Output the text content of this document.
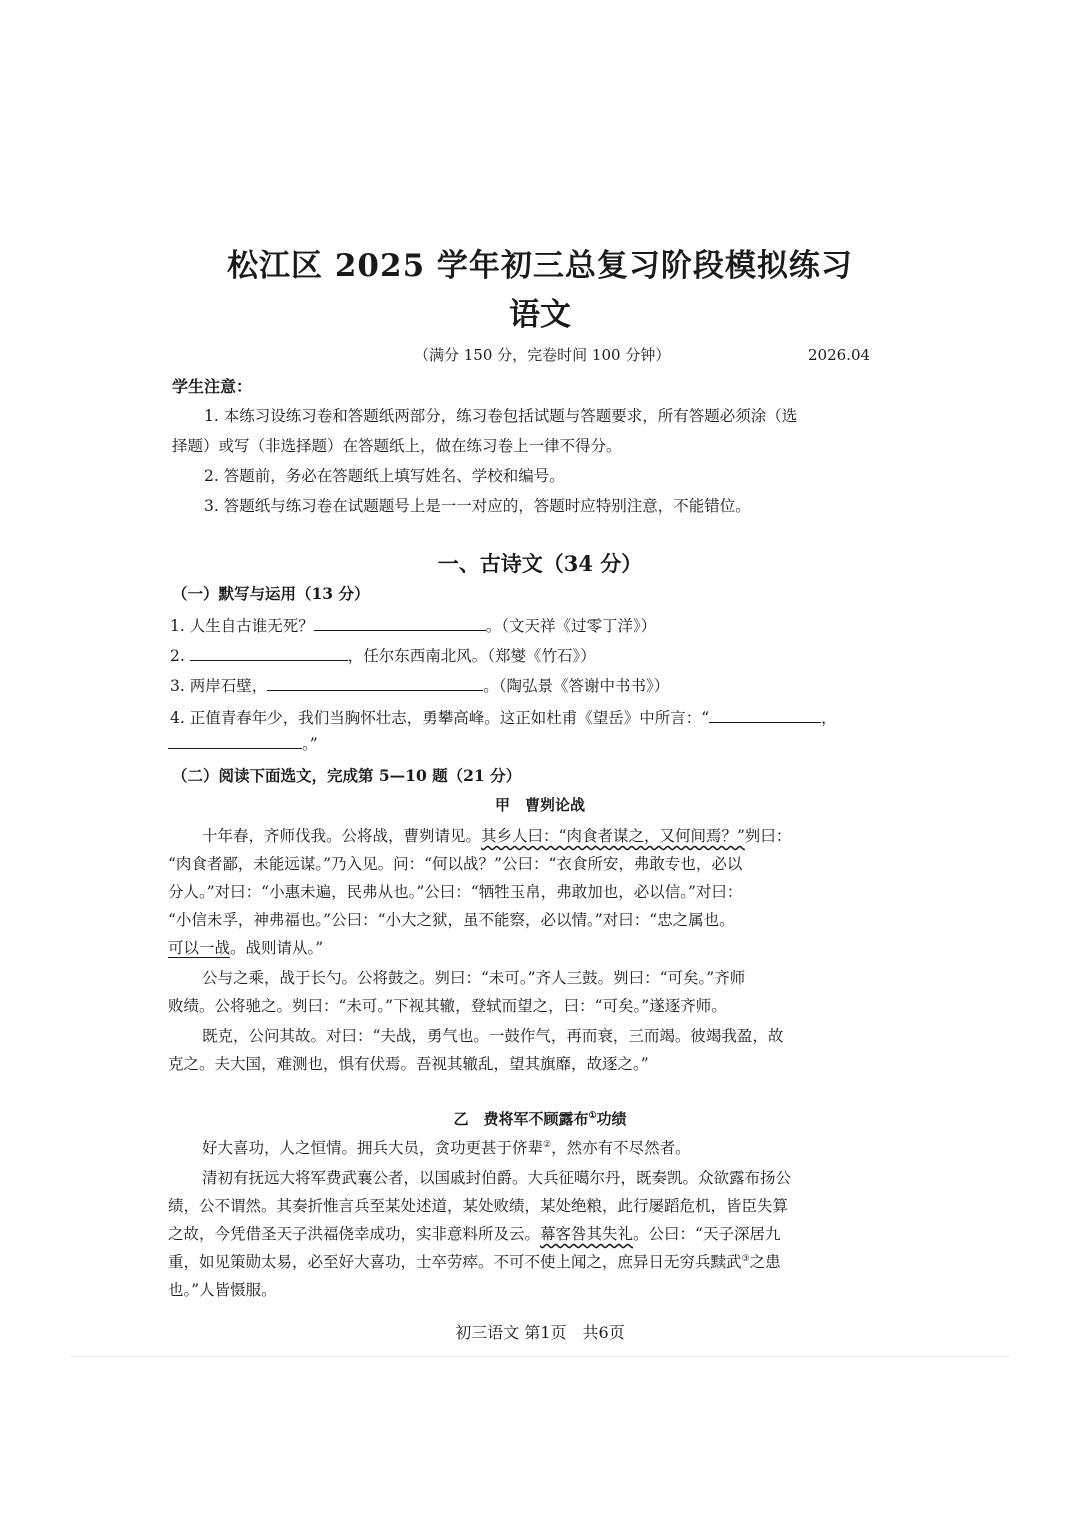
松江区 2025 学年初三总复习阶段模拟练习
语文
（满分 150 分，完卷时间 100 分钟）	2026.04
学生注意：
1. 本练习设练习卷和答题纸两部分，练习卷包括试题与答题要求，所有答题必须涂（选
择题）或写（非选择题）在答题纸上，做在练习卷上一律不得分。
2. 答题前，务必在答题纸上填写姓名、学校和编号。
3. 答题纸与练习卷在试题题号上是一一对应的，答题时应特别注意，不能错位。
一、古诗文（34 分）
（一）默写与运用（13 分）
1. 人生自古谁无死？	。（文天祥《过零丁洋》）
2.	，任尔东西南北风。（郑燮《竹石》）
3. 两岸石壁，	。（陶弘景《答谢中书书》）
4. 正值青春年少，我们当胸怀壮志，勇攀高峰。这正如杜甫《望岳》中所言：“	，
。”
（二）阅读下面选文，完成第 5—10 题（21 分）
甲　曹刿论战
十年春，齐师伐我。公将战，曹刿请见。其乡人曰：“肉食者谋之，又何间焉？”刿曰：
“肉食者鄙，未能远谋。”乃入见。问：“何以战？”公曰：“衣食所安，弗敢专也，必以
分人。”对曰：“小惠未遍，民弗从也。”公曰：“牺牲玉帛，弗敢加也，必以信。”对曰：
“小信未孚，神弗福也。”公曰：“小大之狱，虽不能察，必以情。”对曰：“忠之属也。
可以一战。战则请从。”
公与之乘，战于长勺。公将鼓之。刿曰：“未可。”齐人三鼓。刿曰：“可矣。”齐师
败绩。公将驰之。刿曰：“未可。”下视其辙，登轼而望之，曰：“可矣。”遂逐齐师。
既克，公问其故。对曰：“夫战，勇气也。一鼓作气，再而衰，三而竭。彼竭我盈，故
克之。夫大国，难测也，惧有伏焉。吾视其辙乱，望其旗靡，故逐之。”
乙　费将军不顾露布①功绩
好大喜功，人之恒情。拥兵大员，贪功更甚于侪辈②，然亦有不尽然者。
清初有抚远大将军费武襄公者，以国戚封伯爵。大兵征噶尔丹，既奏凯。众欲露布扬公
绩，公不谓然。其奏折惟言兵至某处述道，某处败绩，某处绝粮，此行屡蹈危机，皆臣失算
之故，今凭借圣天子洪福侥幸成功，实非意料所及云。幕客咎其失礼。公曰：“天子深居九
重，如见策勋太易，必至好大喜功，士卒劳瘁。不可不使上闻之，庶异日无穷兵黩武③之患
也。”人皆慑服。
初三语文 第1页　共6页
